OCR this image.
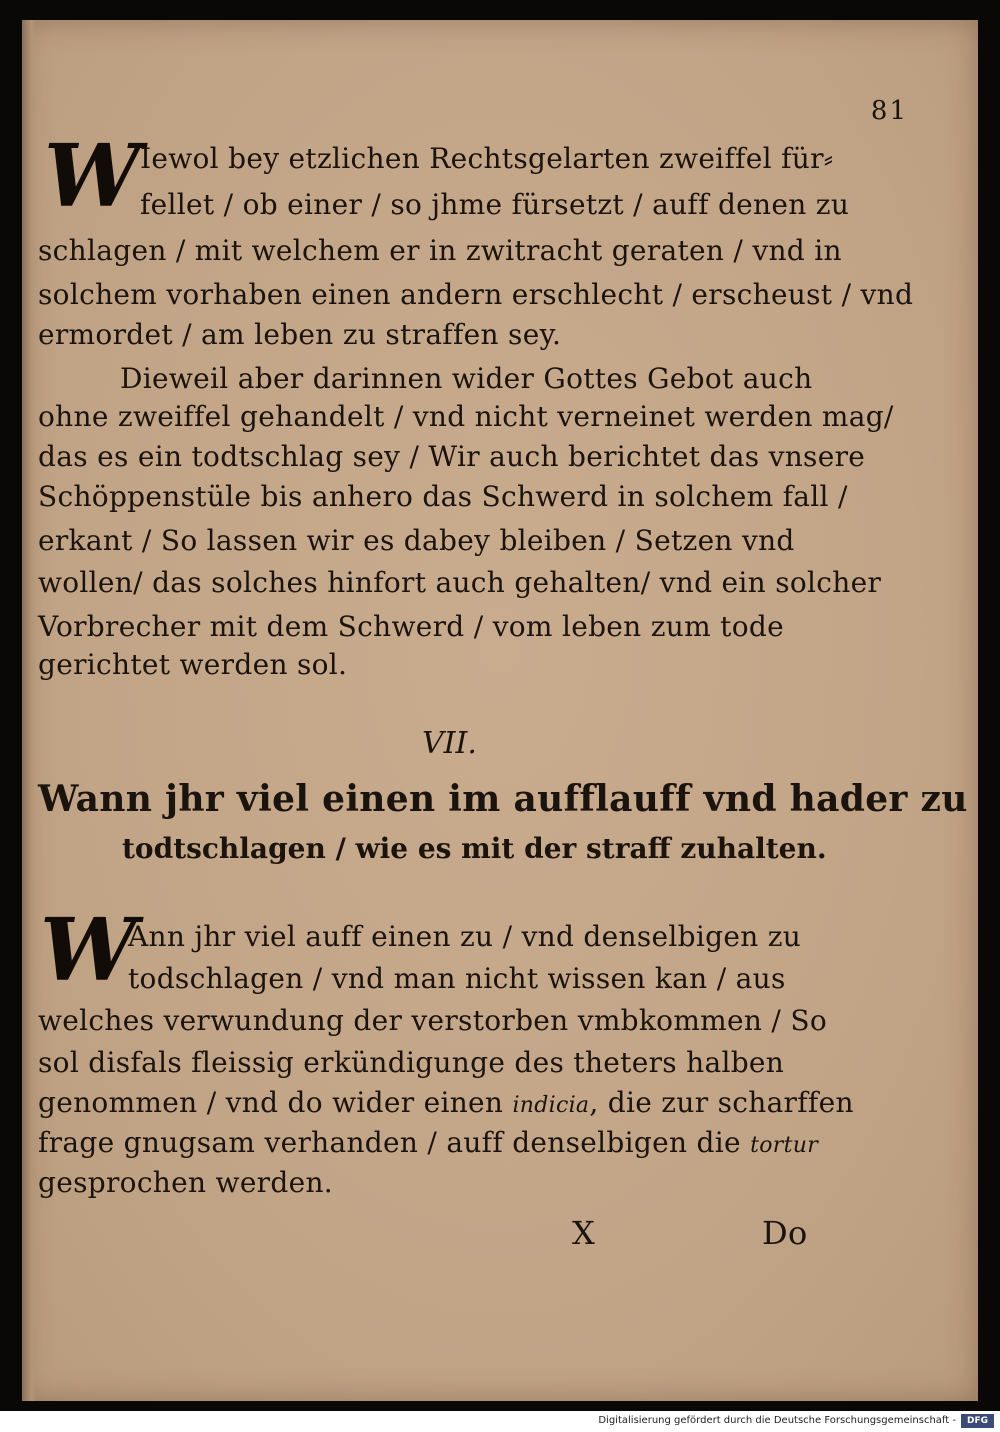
81
W Iewol bey etzlichen Rechtsgelarten zweiffel für⸗
fellet / ob einer / so jhme fürsetzt / auff denen zu
schlagen / mit welchem er in zwitracht geraten / vnd in
solchem vorhaben einen andern erschlecht / erscheust / vnd
ermordet / am leben zu straffen sey.
Dieweil aber darinnen wider Gottes Gebot auch
ohne zweiffel gehandelt / vnd nicht verneinet werden mag/
das es ein todtschlag sey / Wir auch berichtet das vnsere
Schöppenstüle bis anhero das Schwerd in solchem fall /
erkant / So lassen wir es dabey bleiben / Setzen vnd
wollen/ das solches hinfort auch gehalten/ vnd ein solcher
Vorbrecher mit dem Schwerd / vom leben zum tode
gerichtet werden sol.
VII.
Wann jhr viel einen im aufflauff vnd hader zu
todtschlagen / wie es mit der straff zuhalten.
W
Ann jhr viel auff einen zu / vnd denselbigen zu
todschlagen / vnd man nicht wissen kan / aus
welches verwundung der verstorben vmbkommen / So
sol disfals fleissig erkündigunge des theters halben
genommen / vnd do wider einen indicia, die zur scharffen
frage gnugsam verhanden / auff denselbigen die tortur
gesprochen werden.
X	Do
Digitalisierung gefördert durch die Deutsche Forschungsgemeinschaft -	DFG
